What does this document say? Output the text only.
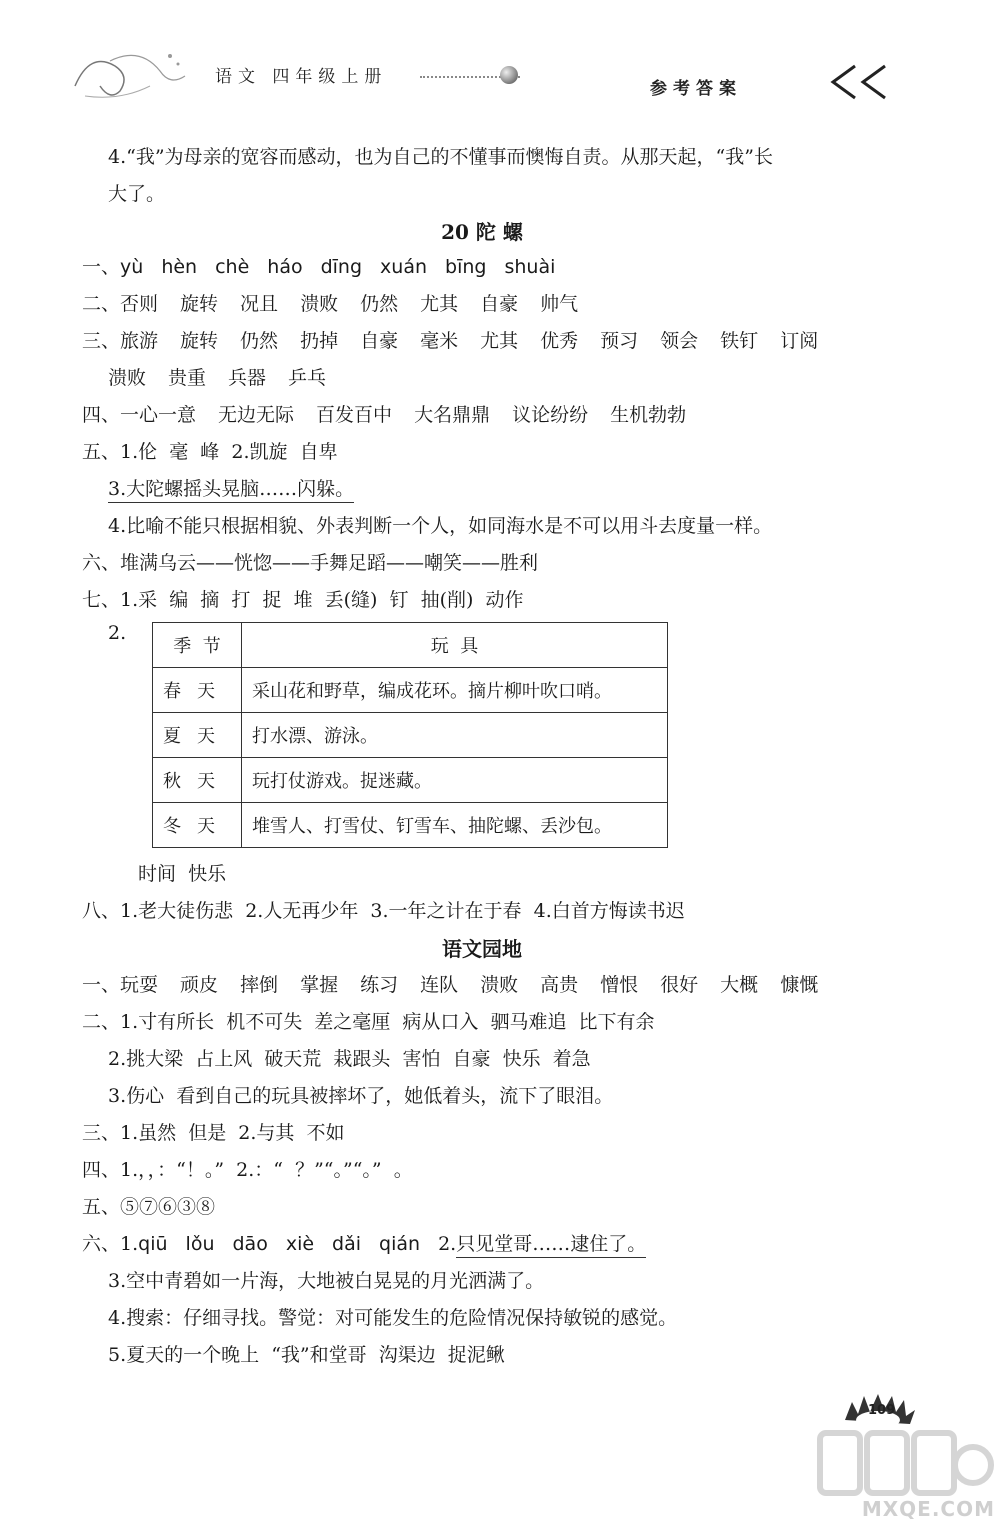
语文 四年级上册
参考答案
4.“我”为母亲的宽容而感动，也为自己的不懂事而懊悔自责。从那天起，“我”长
大了。
20 陀 螺
一、yù hèn chè háo dīng xuán bīng shuài
二、否则 旋转 况且 溃败 仍然 尤其 自豪 帅气
三、旅游 旋转 仍然 扔掉 自豪 毫米 尤其 优秀 预习 领会 铁钉 订阅
溃败 贵重 兵器 乒乓
四、一心一意 无边无际 百发百中 大名鼎鼎 议论纷纷 生机勃勃
五、1.伦  毫  峰  2.凯旋  自卑
3.大陀螺摇头晃脑……闪躲。
4.比喻不能只根据相貌、外表判断一个人，如同海水是不可以用斗去度量一样。
六、堆满乌云——恍惚——手舞足蹈——嘲笑——胜利
七、1.采  编  摘  打  捉  堆  丢(缝)  钉  抽(削)  动作
2.
季  节	玩  具
春天	采山花和野草，编成花环。摘片柳叶吹口哨。
夏天	打水漂、游泳。
秋天	玩打仗游戏。捉迷藏。
冬天	堆雪人、打雪仗、钉雪车、抽陀螺、丢沙包。
时间  快乐
八、1.老大徒伤悲  2.人无再少年  3.一年之计在于春  4.白首方悔读书迟
语文园地
一、玩耍 顽皮 摔倒 掌握 练习 连队 溃败 高贵 憎恨 很好 大概 慷慨
二、1.寸有所长  机不可失  差之毫厘  病从口入  驷马难追  比下有余
2.挑大梁  占上风  破天荒  栽跟头  害怕  自豪  快乐  着急
3.伤心  看到自己的玩具被摔坏了，她低着头，流下了眼泪。
三、1.虽然  但是  2.与其  不如
四、1.，，：“！。”  2.：“  ？”“。”“。”  。
五、⑤⑦⑥③⑧
六、1.qiū lǒu dāo xiè dǎi qián 2.只见堂哥……逮住了。
3.空中青碧如一片海，大地被白晃晃的月光洒满了。
4.搜索：仔细寻找。警觉：对可能发生的危险情况保持敏锐的感觉。
5.夏天的一个晚上  “我”和堂哥  沟渠边  捉泥鳅
109
MXQE.COM
